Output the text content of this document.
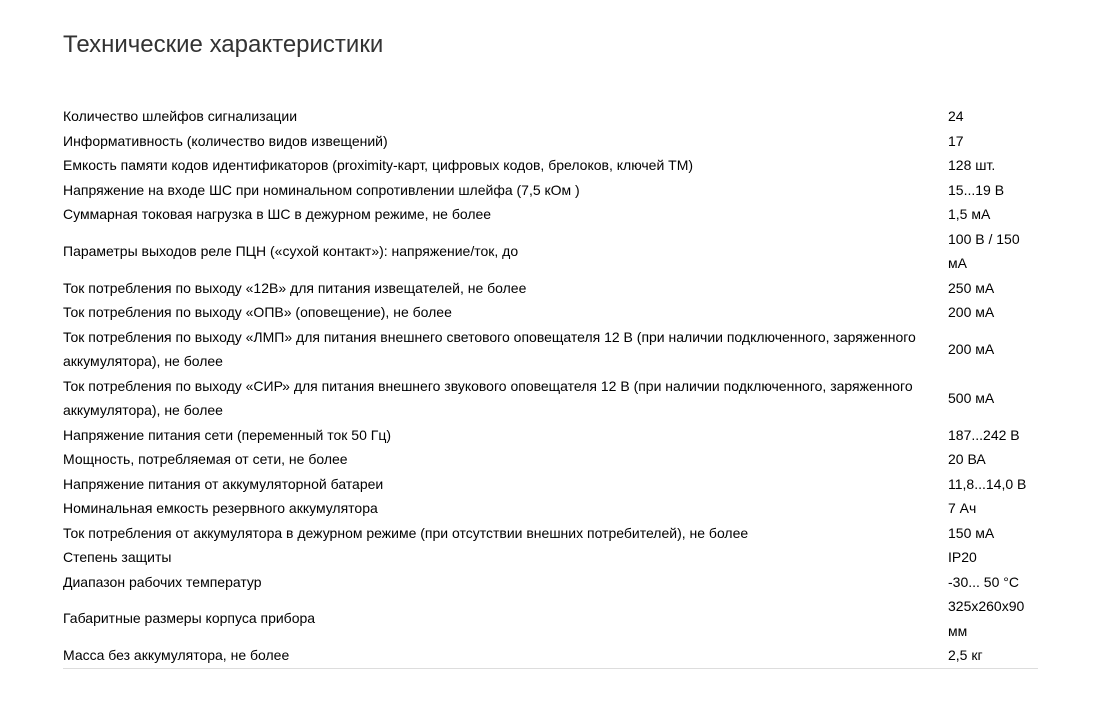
Технические характеристики
Количество шлейфов сигнализации	24
Информативность (количество видов извещений)	17
Емкость памяти кодов идентификаторов (proximity-карт, цифровых кодов, брелоков, ключей ТМ)	128 шт.
Напряжение на входе ШС при номинальном сопротивлении шлейфа (7,5 кОм )	15...19 В
Суммарная токовая нагрузка в ШС в дежурном режиме, не более	1,5 мА
Параметры выходов реле ПЦН («сухой контакт»): напряжение/ток, до	100 В / 150 мА
Ток потребления по выходу «12В» для питания извещателей, не более	250 мА
Ток потребления по выходу «ОПВ» (оповещение), не более	200 мА
Ток потребления по выходу «ЛМП» для питания внешнего светового оповещателя 12 В (при наличии подключенного, заряженного аккумулятора), не более	200 мА
Ток потребления по выходу «СИР» для питания внешнего звукового оповещателя 12 В (при наличии подключенного, заряженного аккумулятора), не более	500 мА
Напряжение питания сети (переменный ток 50 Гц)	187...242 В
Мощность, потребляемая от сети, не более	20 ВА
Напряжение питания от аккумуляторной батареи	11,8...14,0 В
Номинальная емкость резервного аккумулятора	7 Ач
Ток потребления от аккумулятора в дежурном режиме (при отсутствии внешних потребителей), не более	150 мА
Степень защиты	IP20
Диапазон рабочих температур	-30... 50 °С
Габаритные размеры корпуса прибора	325x260x90 мм
Масса без аккумулятора, не более	2,5 кг
